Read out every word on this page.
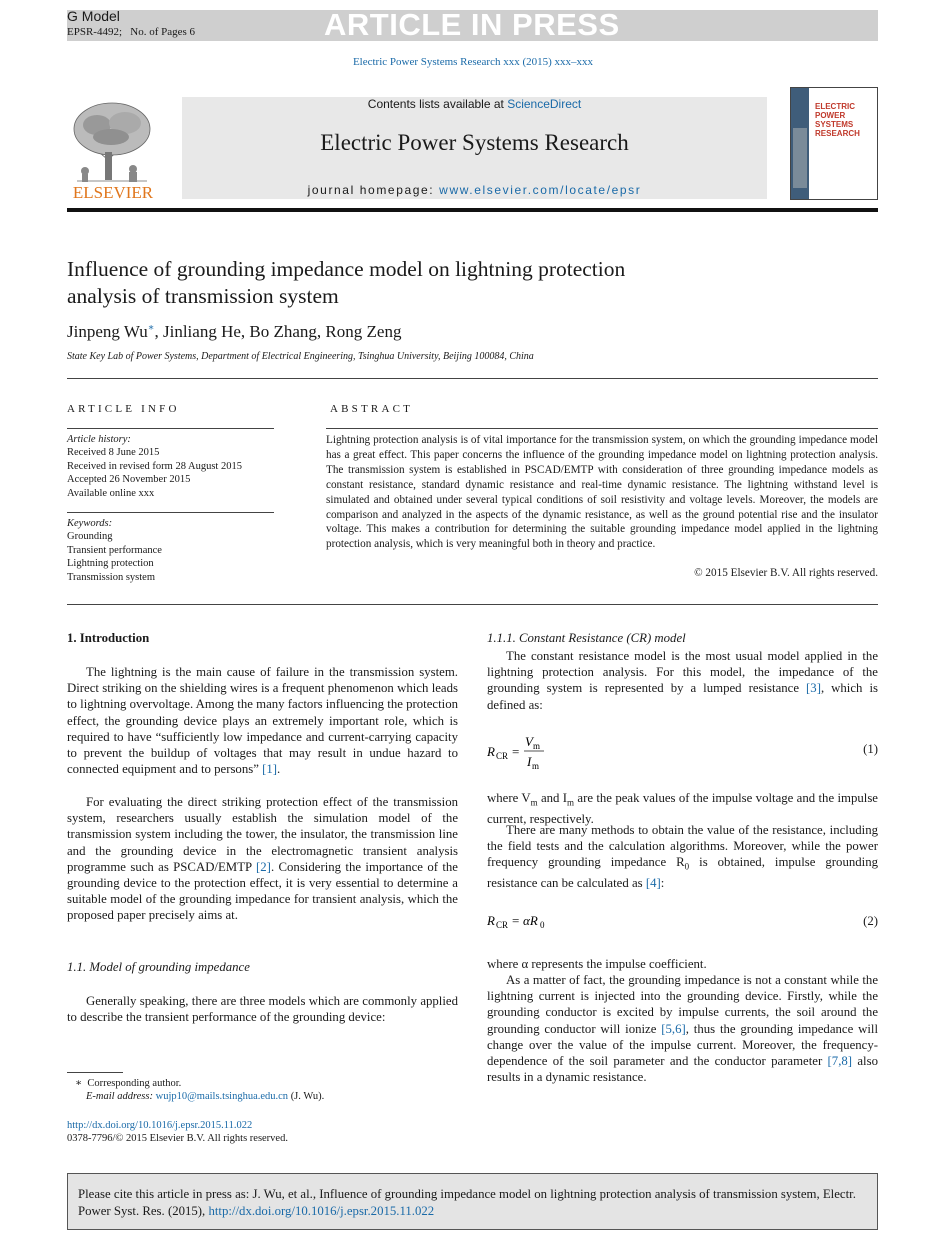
G Model
EPSR-4492; No. of Pages 6	ARTICLE IN PRESS
Electric Power Systems Research xxx (2015) xxx–xxx
ELSEVIER
Contents lists available at ScienceDirect
Electric Power Systems Research
journal homepage: www.elsevier.com/locate/epsr
ELECTRIC POWER
SYSTEMS RESEARCH
Influence of grounding impedance model on lightning protection
analysis of transmission system
Jinpeng Wu∗, Jinliang He, Bo Zhang, Rong Zeng
State Key Lab of Power Systems, Department of Electrical Engineering, Tsinghua University, Beijing 100084, China
ARTICLE INFO
Article history:
Received 8 June 2015
Received in revised form 28 August 2015
Accepted 26 November 2015
Available online xxx
Keywords:
Grounding
Transient performance
Lightning protection
Transmission system
ABSTRACT
Lightning protection analysis is of vital importance for the transmission system, on which the grounding impedance model has a great effect. This paper concerns the influence of the grounding impedance model on lightning protection analysis. The transmission system is established in PSCAD/EMTP with consideration of three grounding impedance models as constant resistance, standard dynamic resistance and real-time dynamic resistance. The lightning withstand level is simulated and obtained under several typical conditions of soil resistivity and voltage levels. Moreover, the models are comparison and analyzed in the aspects of the dynamic resistance, as well as the ground potential rise and the insulator voltage. This makes a contribution for determining the suitable grounding impedance model applied in the lightning protection analysis, which is very meaningful both in theory and practice.
© 2015 Elsevier B.V. All rights reserved.
1. Introduction
The lightning is the main cause of failure in the transmission system. Direct striking on the shielding wires is a frequent phenomenon which leads to lightning overvoltage. Among the many factors influencing the protection effect, the grounding device plays an extremely important role, which is required to have “sufficiently low impedance and current-carrying capacity to prevent the buildup of voltages that may result in undue hazard to connected equipment and to persons” [1].
For evaluating the direct striking protection effect of the transmission system, researchers usually establish the simulation model of the transmission system including the tower, the insulator, the transmission line and the grounding device in the electromagnetic transient analysis programme such as PSCAD/EMTP [2]. Considering the importance of the grounding device to the protection effect, it is very essential to determine a suitable model of the grounding impedance for transient analysis, which the proposed paper precisely aims at.
1.1. Model of grounding impedance
Generally speaking, there are three models which are commonly applied to describe the transient performance of the grounding device:
∗ Corresponding author.
E-mail address: wujp10@mails.tsinghua.edu.cn (J. Wu).
http://dx.doi.org/10.1016/j.epsr.2015.11.022
0378-7796/© 2015 Elsevier B.V. All rights reserved.
1.1.1. Constant Resistance (CR) model
The constant resistance model is the most usual model applied in the lightning protection analysis. For this model, the impedance of the grounding system is represented by a lumped resistance [3], which is defined as:
R CR =
V m
I m
(1)
where $V_m$ and $I_m$ are the peak values of the impulse voltage and the impulse current, respectively.
There are many methods to obtain the value of the resistance, including the field tests and the calculation algorithms. Moreover, while the power frequency grounding impedance $R_0$ is obtained, impulse grounding resistance can be calculated as [4]:
R CR = αR 0	(2)
where α represents the impulse coefficient.
As a matter of fact, the grounding impedance is not a constant while the lightning current is injected into the grounding device. Firstly, while the grounding conductor is excited by impulse currents, the soil around the grounding conductor will ionize [5,6], thus the grounding impedance will change over the value of the impulse current. Moreover, the frequency-dependence of the soil parameter and the conductor parameter [7,8] also results in a dynamic resistance.
Please cite this article in press as: J. Wu, et al., Influence of grounding impedance model on lightning protection analysis of transmission system, Electr. Power Syst. Res. (2015), http://dx.doi.org/10.1016/j.epsr.2015.11.022
